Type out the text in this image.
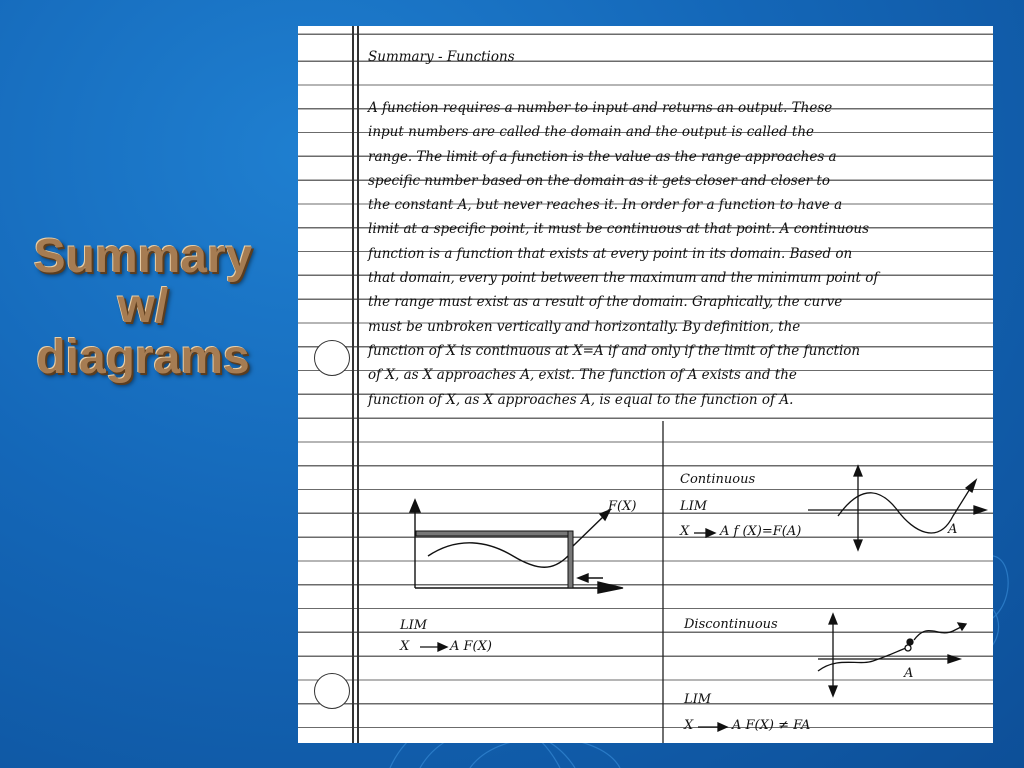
Summary
w/
diagrams
Summary - Functions
A function requires a number to input and returns an output. These
input numbers are called the domain and the output is called the
range. The limit of a function is the value as the range approaches a
specific number based on the domain as it gets closer and closer to
the constant A, but never reaches it. In order for a function to have a
limit at a specific point, it must be continuous at that point. A continuous
function is a function that exists at every point in its domain. Based on
that domain, every point between the maximum and the minimum point of
the range must exist as a result of the domain. Graphically, the curve
must be unbroken vertically and horizontally. By definition, the
function of X is continuous at X=A if and only if the limit of the function
of X, as X approaches A, exist. The function of A exists and the
function of X, as X approaches A, is equal to the function of A.
F(X)
LIM
X	A F(X)
Continuous
LIM
X A f (X)=F(A)	A
Discontinuous
A
LIM
X	A F(X) ≠ FA
